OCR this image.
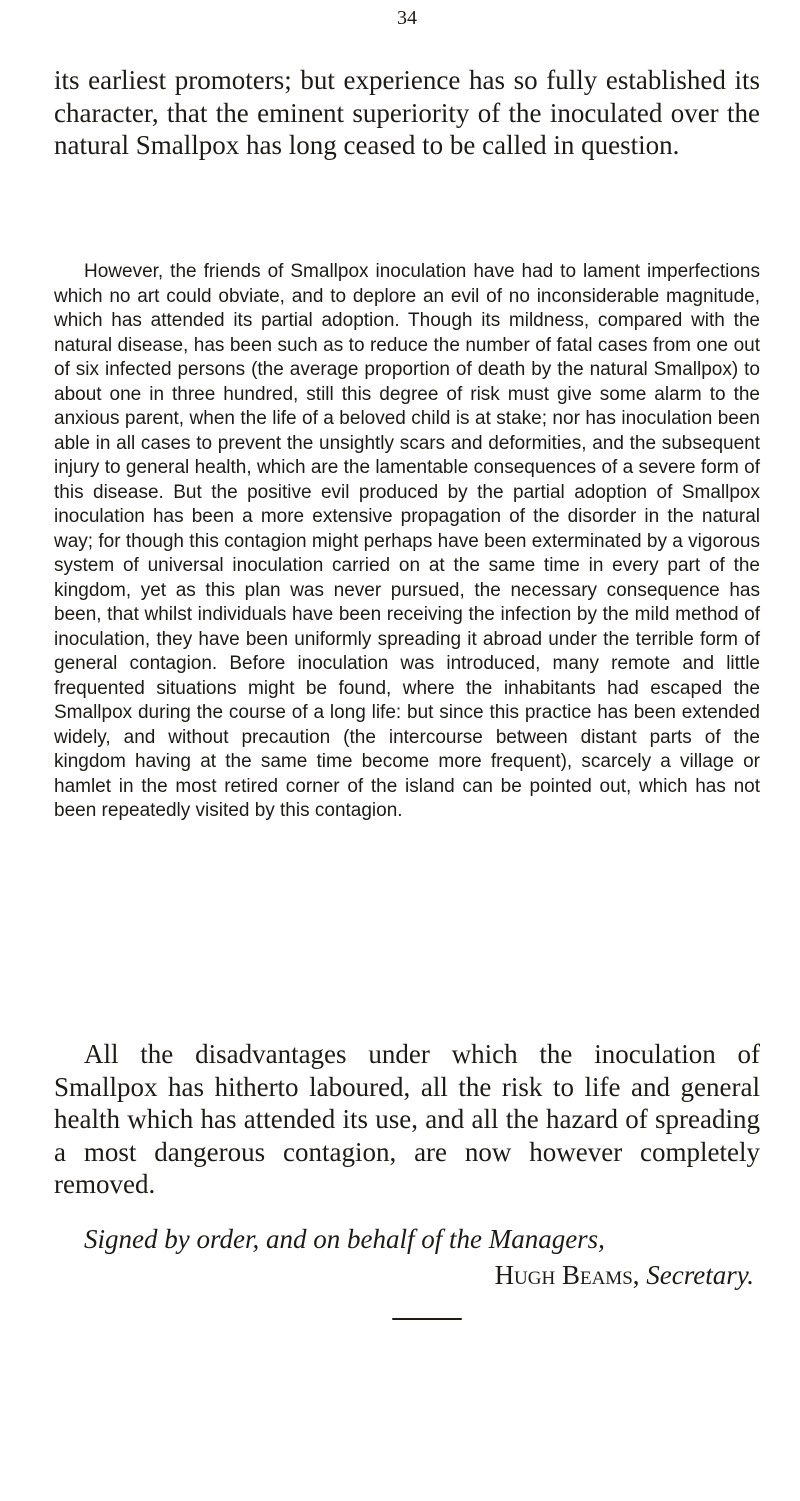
34

its earliest promoters; but experience has so fully established its character, that the eminent superiority of the inoculated over the natural Smallpox has long ceased to be called in question.

However, the friends of Smallpox inoculation have had to lament imperfections which no art could obviate, and to deplore an evil of no inconsiderable magnitude, which has attended its partial adoption. Though its mildness, compared with the natural disease, has been such as to reduce the number of fatal cases from one out of six infected persons (the average proportion of death by the natural Smallpox) to about one in three hundred, still this degree of risk must give some alarm to the anxious parent, when the life of a beloved child is at stake; nor has inoculation been able in all cases to prevent the unsightly scars and deformities, and the subsequent injury to general health, which are the lamentable consequences of a severe form of this disease. But the positive evil produced by the partial adoption of Smallpox inoculation has been a more extensive propagation of the disorder in the natural way; for though this contagion might perhaps have been exterminated by a vigorous system of universal inoculation carried on at the same time in every part of the kingdom, yet as this plan was never pursued, the necessary consequence has been, that whilst individuals have been receiving the infection by the mild method of inoculation, they have been uniformly spreading it abroad under the terrible form of general contagion. Before inoculation was introduced, many remote and little frequented situations might be found, where the inhabitants had escaped the Smallpox during the course of a long life: but since this practice has been extended widely, and without precaution (the intercourse between distant parts of the kingdom having at the same time become more frequent), scarcely a village or hamlet in the most retired corner of the island can be pointed out, which has not been repeatedly visited by this contagion.

All the disadvantages under which the inoculation of Smallpox has hitherto laboured, all the risk to life and general health which has attended its use, and all the hazard of spreading a most dangerous contagion, are now however completely removed.

Signed by order, and on behalf of the Managers,

Hugh Beams, Secretary.
